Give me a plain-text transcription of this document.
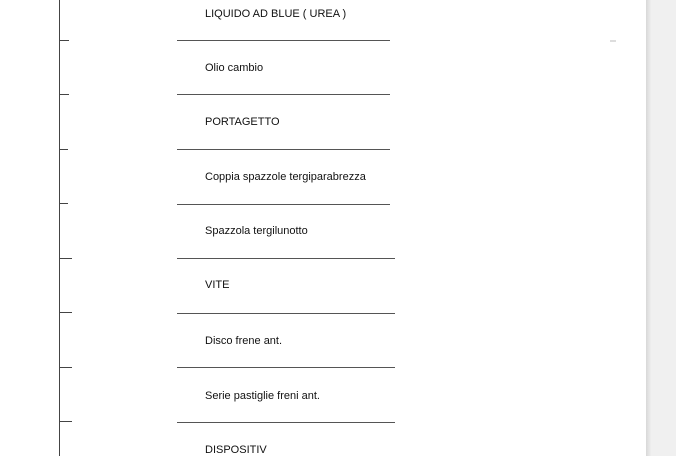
LIQUIDO AD BLUE ( UREA )
Olio cambio
PORTAGETTO
Coppia spazzole tergiparabrezza
Spazzola tergilunotto
VITE
Disco frene ant.
Serie pastiglie freni ant.
DISPOSITIV
